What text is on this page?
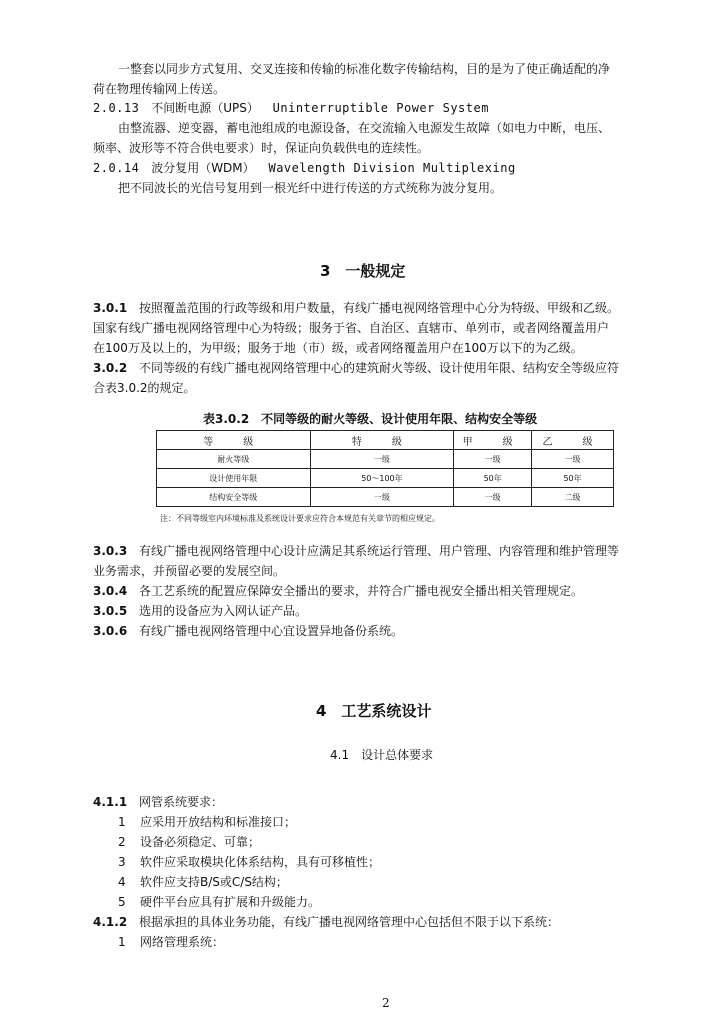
一整套以同步方式复用、交叉连接和传输的标准化数字传输结构，目的是为了使正确适配的净
荷在物理传输网上传送。
2.0.13 不间断电源（UPS） Uninterruptible Power System
由整流器、逆变器，蓄电池组成的电源设备，在交流输入电源发生故障（如电力中断，电压、
频率、波形等不符合供电要求）时，保证向负载供电的连续性。
2.0.14 波分复用（WDM） Wavelength Division Multiplexing
把不同波长的光信号复用到一根光纤中进行传送的方式统称为波分复用。
3　一般规定
3.0.1 按照覆盖范围的行政等级和用户数量，有线广播电视网络管理中心分为特级、甲级和乙级。
国家有线广播电视网络管理中心为特级；服务于省、自治区、直辖市、单列市，或者网络覆盖用户
在100万及以上的，为甲级；服务于地（市）级，或者网络覆盖用户在100万以下的为乙级。
3.0.2 不同等级的有线广播电视网络管理中心的建筑耐火等级、设计使用年限、结构安全等级应符
合表3.0.2的规定。
表3.0.2　不同等级的耐火等级、设计使用年限、结构安全等级
等　级	特　级	甲　级	乙　级
耐火等级	一级	一级	一级
设计使用年限	50～100年	50年	50年
结构安全等级	一级	一级	二级
注：不同等级室内环境标准及系统设计要求应符合本规范有关章节的相应规定。
3.0.3 有线广播电视网络管理中心设计应满足其系统运行管理、用户管理、内容管理和维护管理等
业务需求，并预留必要的发展空间。
3.0.4 各工艺系统的配置应保障安全播出的要求，并符合广播电视安全播出相关管理规定。
3.0.5 选用的设备应为入网认证产品。
3.0.6 有线广播电视网络管理中心宜设置异地备份系统。
4　工艺系统设计
4.1　设计总体要求
4.1.1 网管系统要求：
1 应采用开放结构和标准接口；
2 设备必须稳定、可靠；
3 软件应采取模块化体系结构，具有可移植性；
4 软件应支持B/S或C/S结构；
5 硬件平台应具有扩展和升级能力。
4.1.2 根据承担的具体业务功能，有线广播电视网络管理中心包括但不限于以下系统：
1 网络管理系统：
2
